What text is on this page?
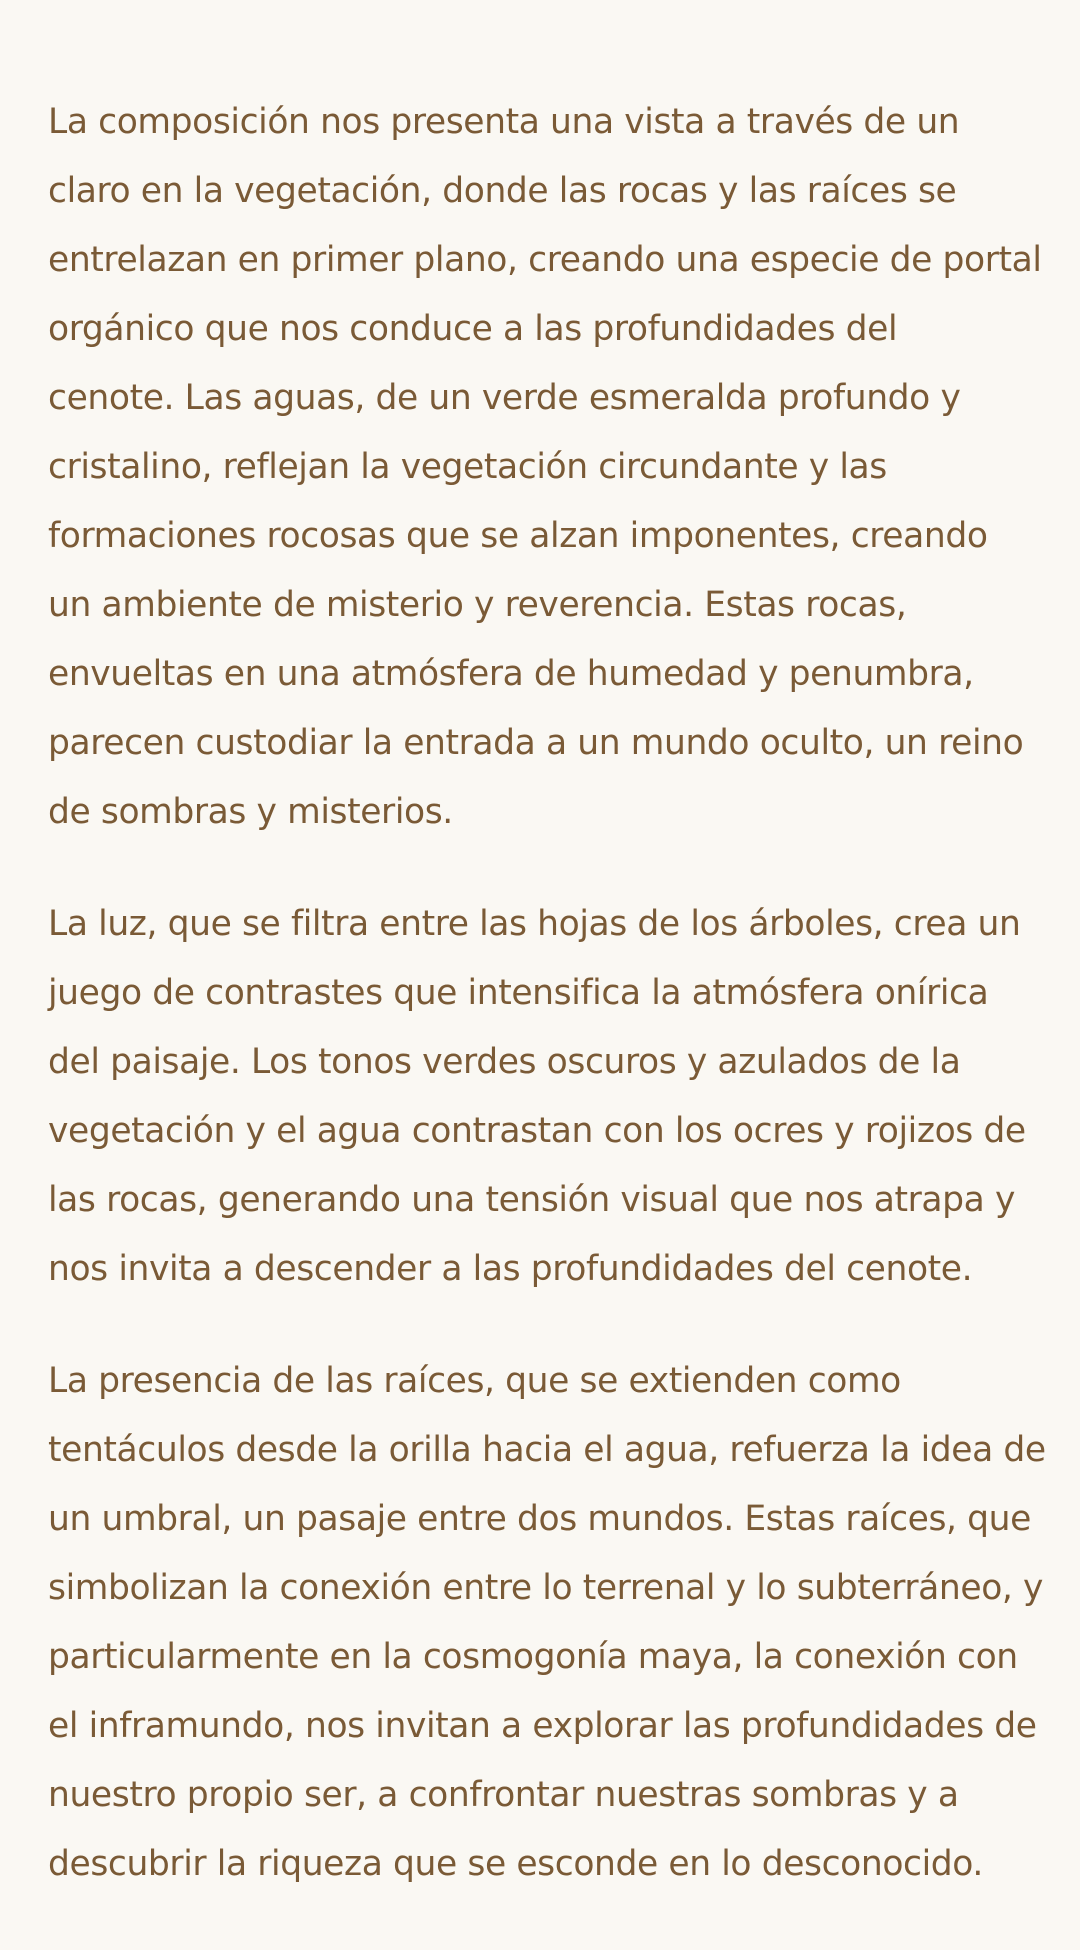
La composición nos presenta una vista a través de un
claro en la vegetación, donde las rocas y las raíces se
entrelazan en primer plano, creando una especie de portal
orgánico que nos conduce a las profundidades del
cenote. Las aguas, de un verde esmeralda profundo y
cristalino, reflejan la vegetación circundante y las
formaciones rocosas que se alzan imponentes, creando
un ambiente de misterio y reverencia. Estas rocas,
envueltas en una atmósfera de humedad y penumbra,
parecen custodiar la entrada a un mundo oculto, un reino
de sombras y misterios.

La luz, que se filtra entre las hojas de los árboles, crea un
juego de contrastes que intensifica la atmósfera onírica
del paisaje. Los tonos verdes oscuros y azulados de la
vegetación y el agua contrastan con los ocres y rojizos de
las rocas, generando una tensión visual que nos atrapa y
nos invita a descender a las profundidades del cenote.

La presencia de las raíces, que se extienden como
tentáculos desde la orilla hacia el agua, refuerza la idea de
un umbral, un pasaje entre dos mundos. Estas raíces, que
simbolizan la conexión entre lo terrenal y lo subterráneo, y
particularmente en la cosmogonía maya, la conexión con
el inframundo, nos invitan a explorar las profundidades de
nuestro propio ser, a confrontar nuestras sombras y a
descubrir la riqueza que se esconde en lo desconocido.
